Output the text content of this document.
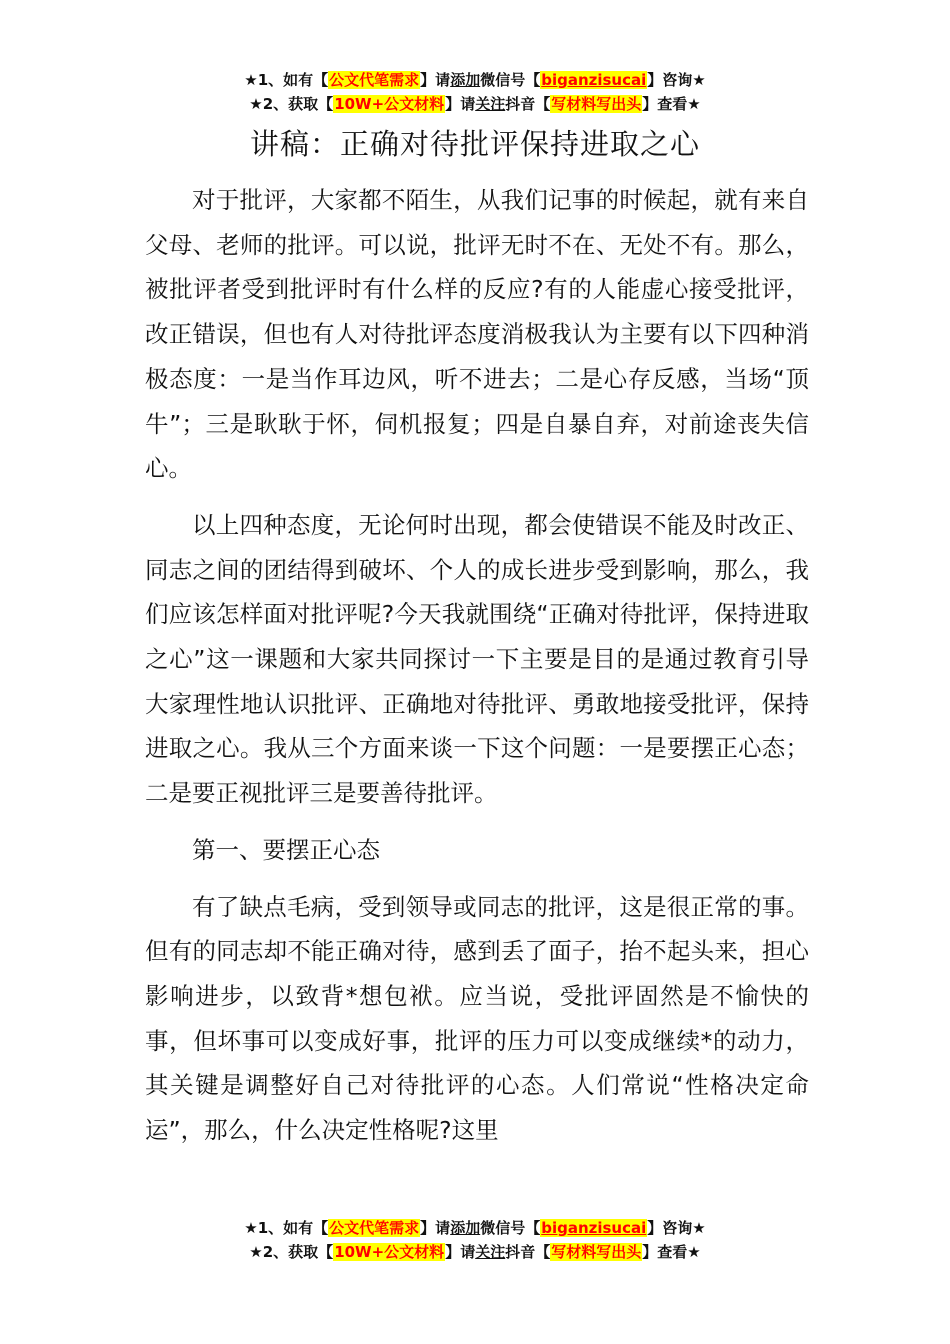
★1、如有【公文代笔需求】请添加微信号【biganzisucai】咨询★
★2、获取【10W+公文材料】请关注抖音【写材料写出头】查看★
讲稿：正确对待批评保持进取之心

对于批评，大家都不陌生，从我们记事的时候起，就有来自父母、老师的批评。可以说，批评无时不在、无处不有。那么，被批评者受到批评时有什么样的反应?有的人能虚心接受批评，改正错误，但也有人对待批评态度消极我认为主要有以下四种消极态度：一是当作耳边风，听不进去；二是心存反感，当场“顶牛”；三是耿耿于怀，伺机报复；四是自暴自弃，对前途丧失信心。

以上四种态度，无论何时出现，都会使错误不能及时改正、同志之间的团结得到破坏、个人的成长进步受到影响，那么，我们应该怎样面对批评呢?今天我就围绕“正确对待批评，保持进取之心”这一课题和大家共同探讨一下主要是目的是通过教育引导大家理性地认识批评、正确地对待批评、勇敢地接受批评，保持进取之心。我从三个方面来谈一下这个问题：一是要摆正心态；二是要正视批评三是要善待批评。

第一、要摆正心态

有了缺点毛病，受到领导或同志的批评，这是很正常的事。但有的同志却不能正确对待，感到丢了面子，抬不起头来，担心影响进步，以致背*想包袱。应当说，受批评固然是不愉快的事，但坏事可以变成好事，批评的压力可以变成继续*的动力，其关键是调整好自己对待批评的心态。人们常说“性格决定命运”，那么，什么决定性格呢?这里

★1、如有【公文代笔需求】请添加微信号【biganzisucai】咨询★
★2、获取【10W+公文材料】请关注抖音【写材料写出头】查看★
